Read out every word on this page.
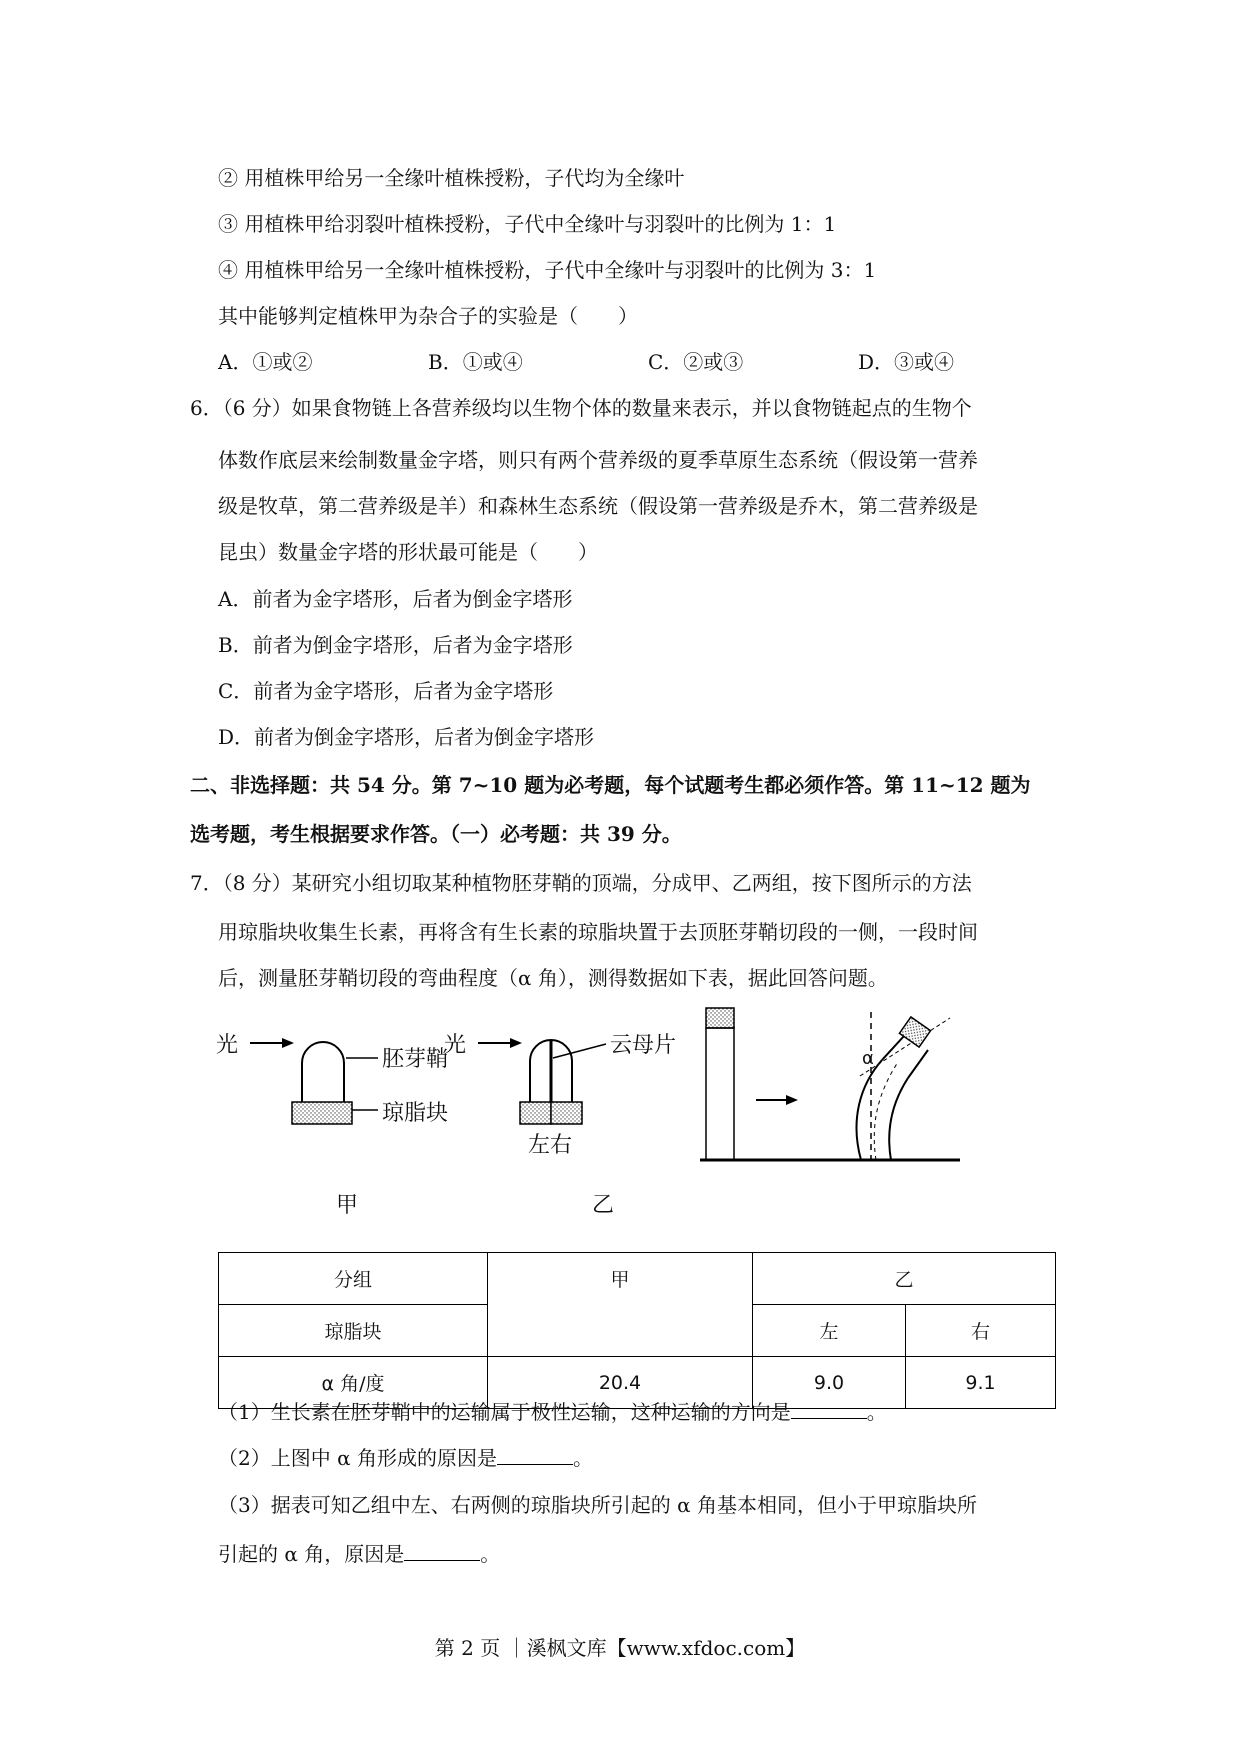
② 用植株甲给另一全缘叶植株授粉，子代均为全缘叶
③ 用植株甲给羽裂叶植株授粉，子代中全缘叶与羽裂叶的比例为 1：1
④ 用植株甲给另一全缘叶植株授粉，子代中全缘叶与羽裂叶的比例为 3：1
其中能够判定植株甲为杂合子的实验是（　　）
A．①或②	B．①或④	C．②或③	D．③或④
6．（6 分）如果食物链上各营养级均以生物个体的数量来表示，并以食物链起点的生物个
体数作底层来绘制数量金字塔，则只有两个营养级的夏季草原生态系统（假设第一营养
级是牧草，第二营养级是羊）和森林生态系统（假设第一营养级是乔木，第二营养级是
昆虫）数量金字塔的形状最可能是（　　）
A．前者为金字塔形，后者为倒金字塔形
B．前者为倒金字塔形，后者为金字塔形
C．前者为金字塔形，后者为金字塔形
D．前者为倒金字塔形，后者为倒金字塔形
二、非选择题：共 54 分。第 7~10 题为必考题，每个试题考生都必须作答。第 11~12 题为
选考题，考生根据要求作答。（一）必考题：共 39 分。
7．（8 分）某研究小组切取某种植物胚芽鞘的顶端，分成甲、乙两组，按下图所示的方法
用琼脂块收集生长素，再将含有生长素的琼脂块置于去顶胚芽鞘切段的一侧，一段时间
后，测量胚芽鞘切段的弯曲程度（α 角），测得数据如下表，据此回答问题。
光
胚芽鞘
琼脂块
光	云母片
左右
α
甲	乙
分组	甲	乙	
琼脂块		左	右
α 角/度	20.4	9.0	9.1
（1）生长素在胚芽鞘中的运输属于极性运输，这种运输的方向是	。
（2）上图中 α 角形成的原因是	。
（3）据表可知乙组中左、右两侧的琼脂块所引起的 α 角基本相同，但小于甲琼脂块所
引起的 α 角，原因是	。
第 2 页 ｜溪枫文库【www.xfdoc.com】
